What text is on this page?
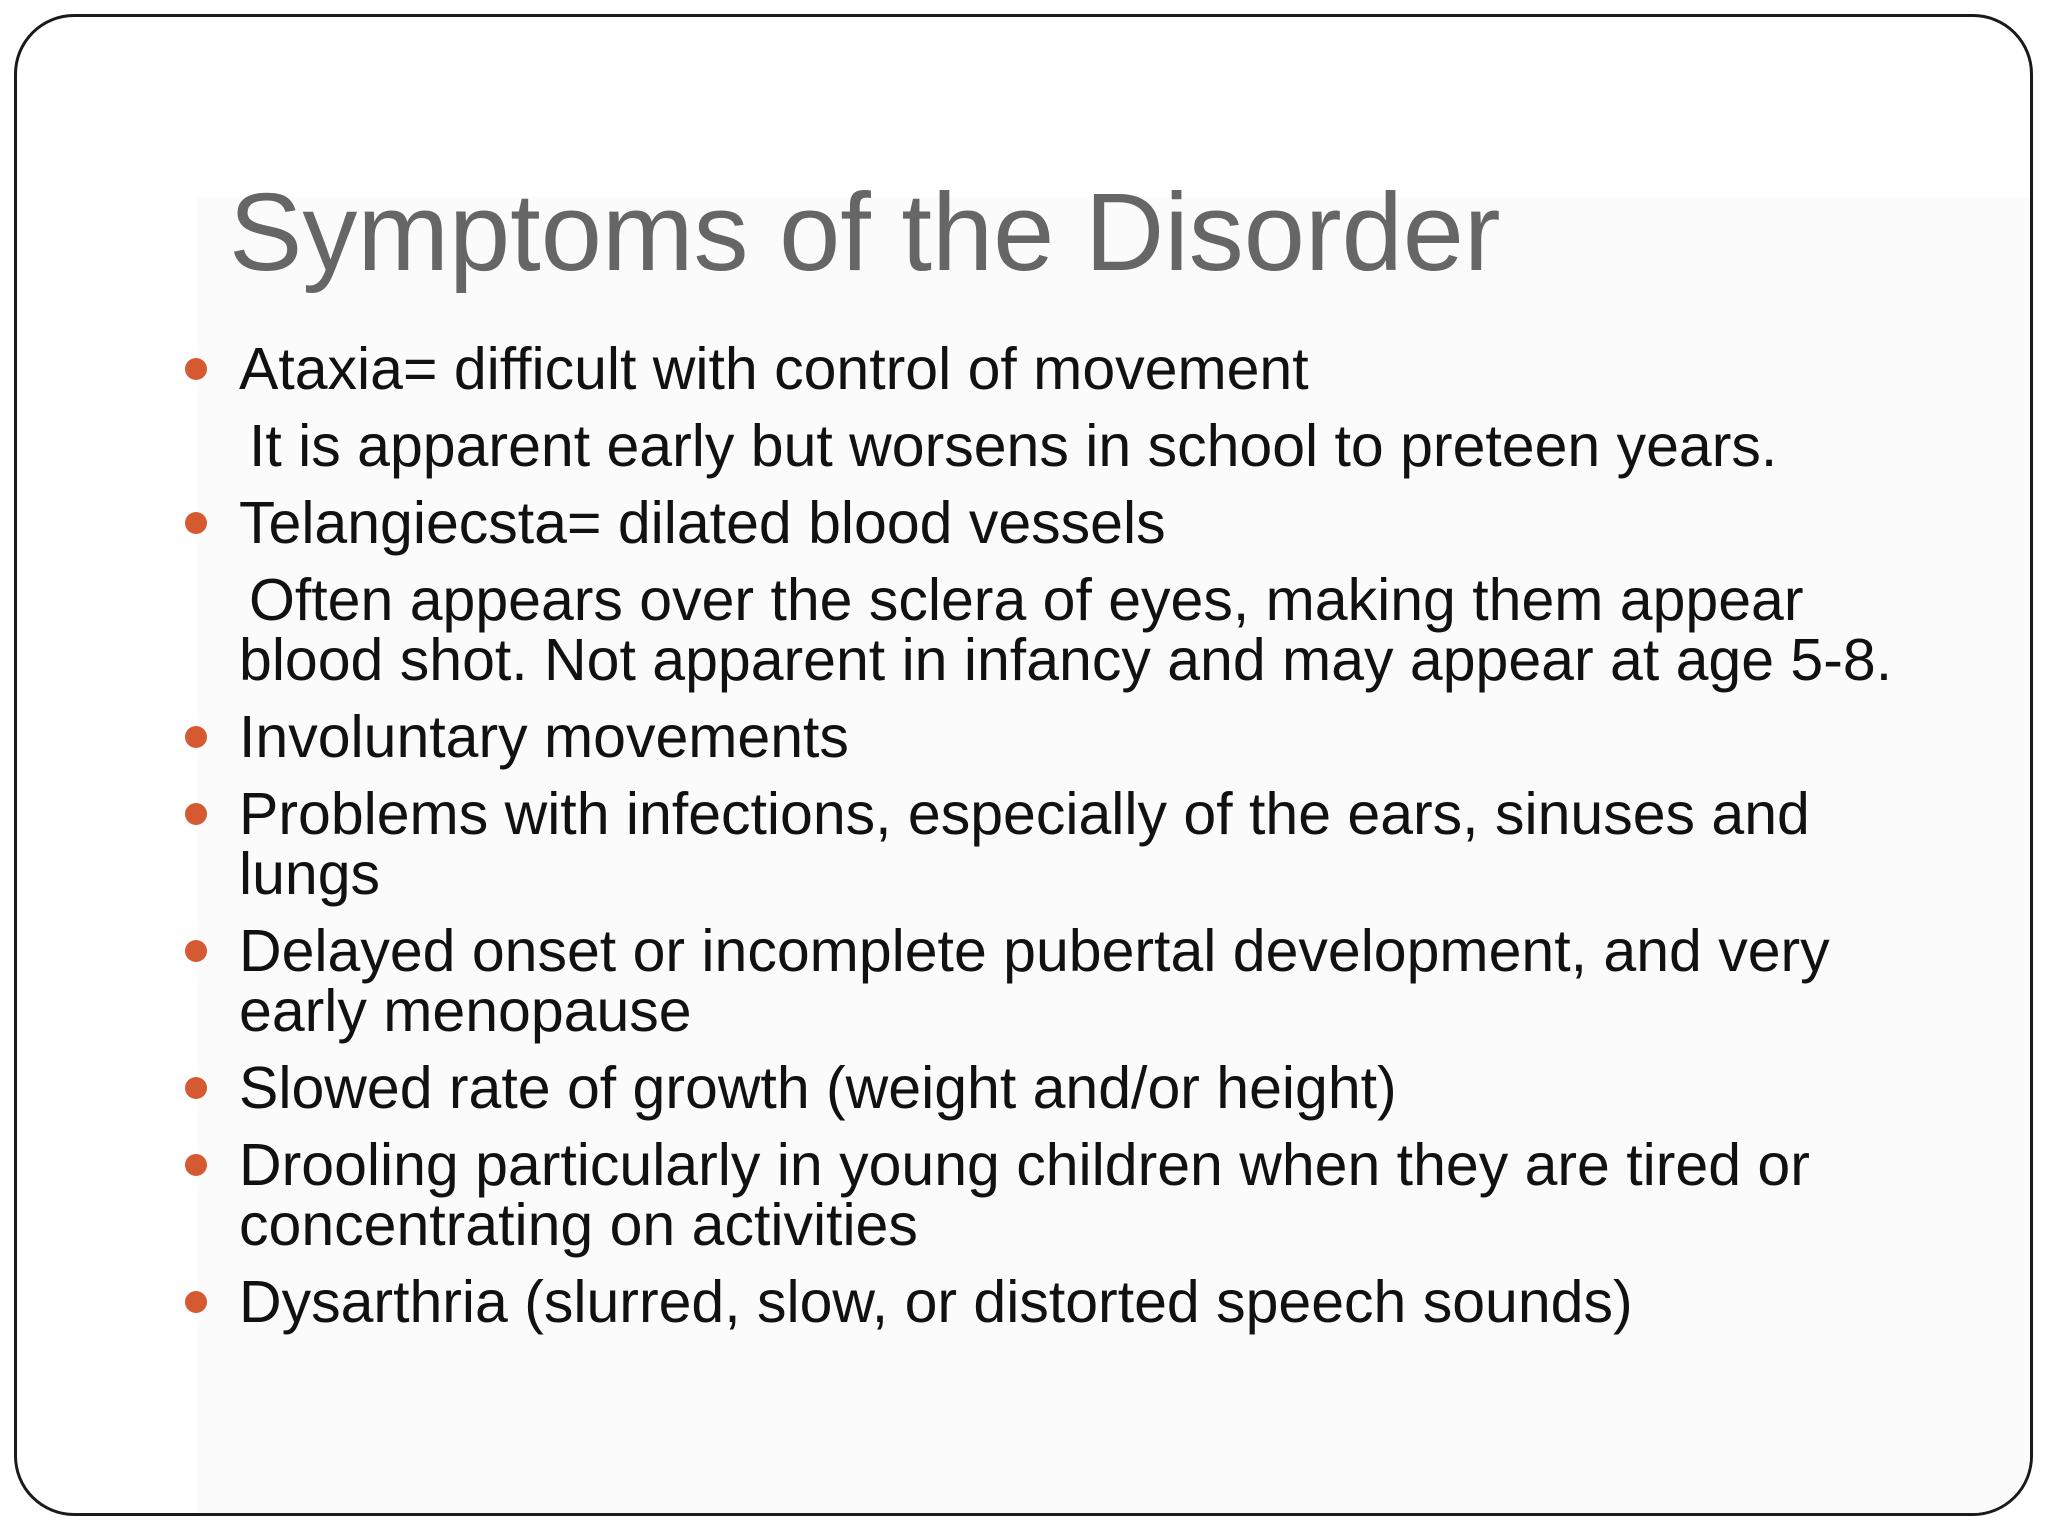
Symptoms of the Disorder
Ataxia= difficult with control of movement
It is apparent early but worsens in school to preteen years.
Telangiecsta= dilated blood vessels
Often appears over the sclera of eyes, making them appear blood shot. Not apparent in infancy and may appear at age 5-8.
Involuntary movements
Problems with infections, especially of the ears, sinuses and lungs
Delayed onset or incomplete pubertal development, and very early menopause
Slowed rate of growth (weight and/or height)
Drooling particularly in young children when they are tired or concentrating on activities
Dysarthria (slurred, slow, or distorted speech sounds)
